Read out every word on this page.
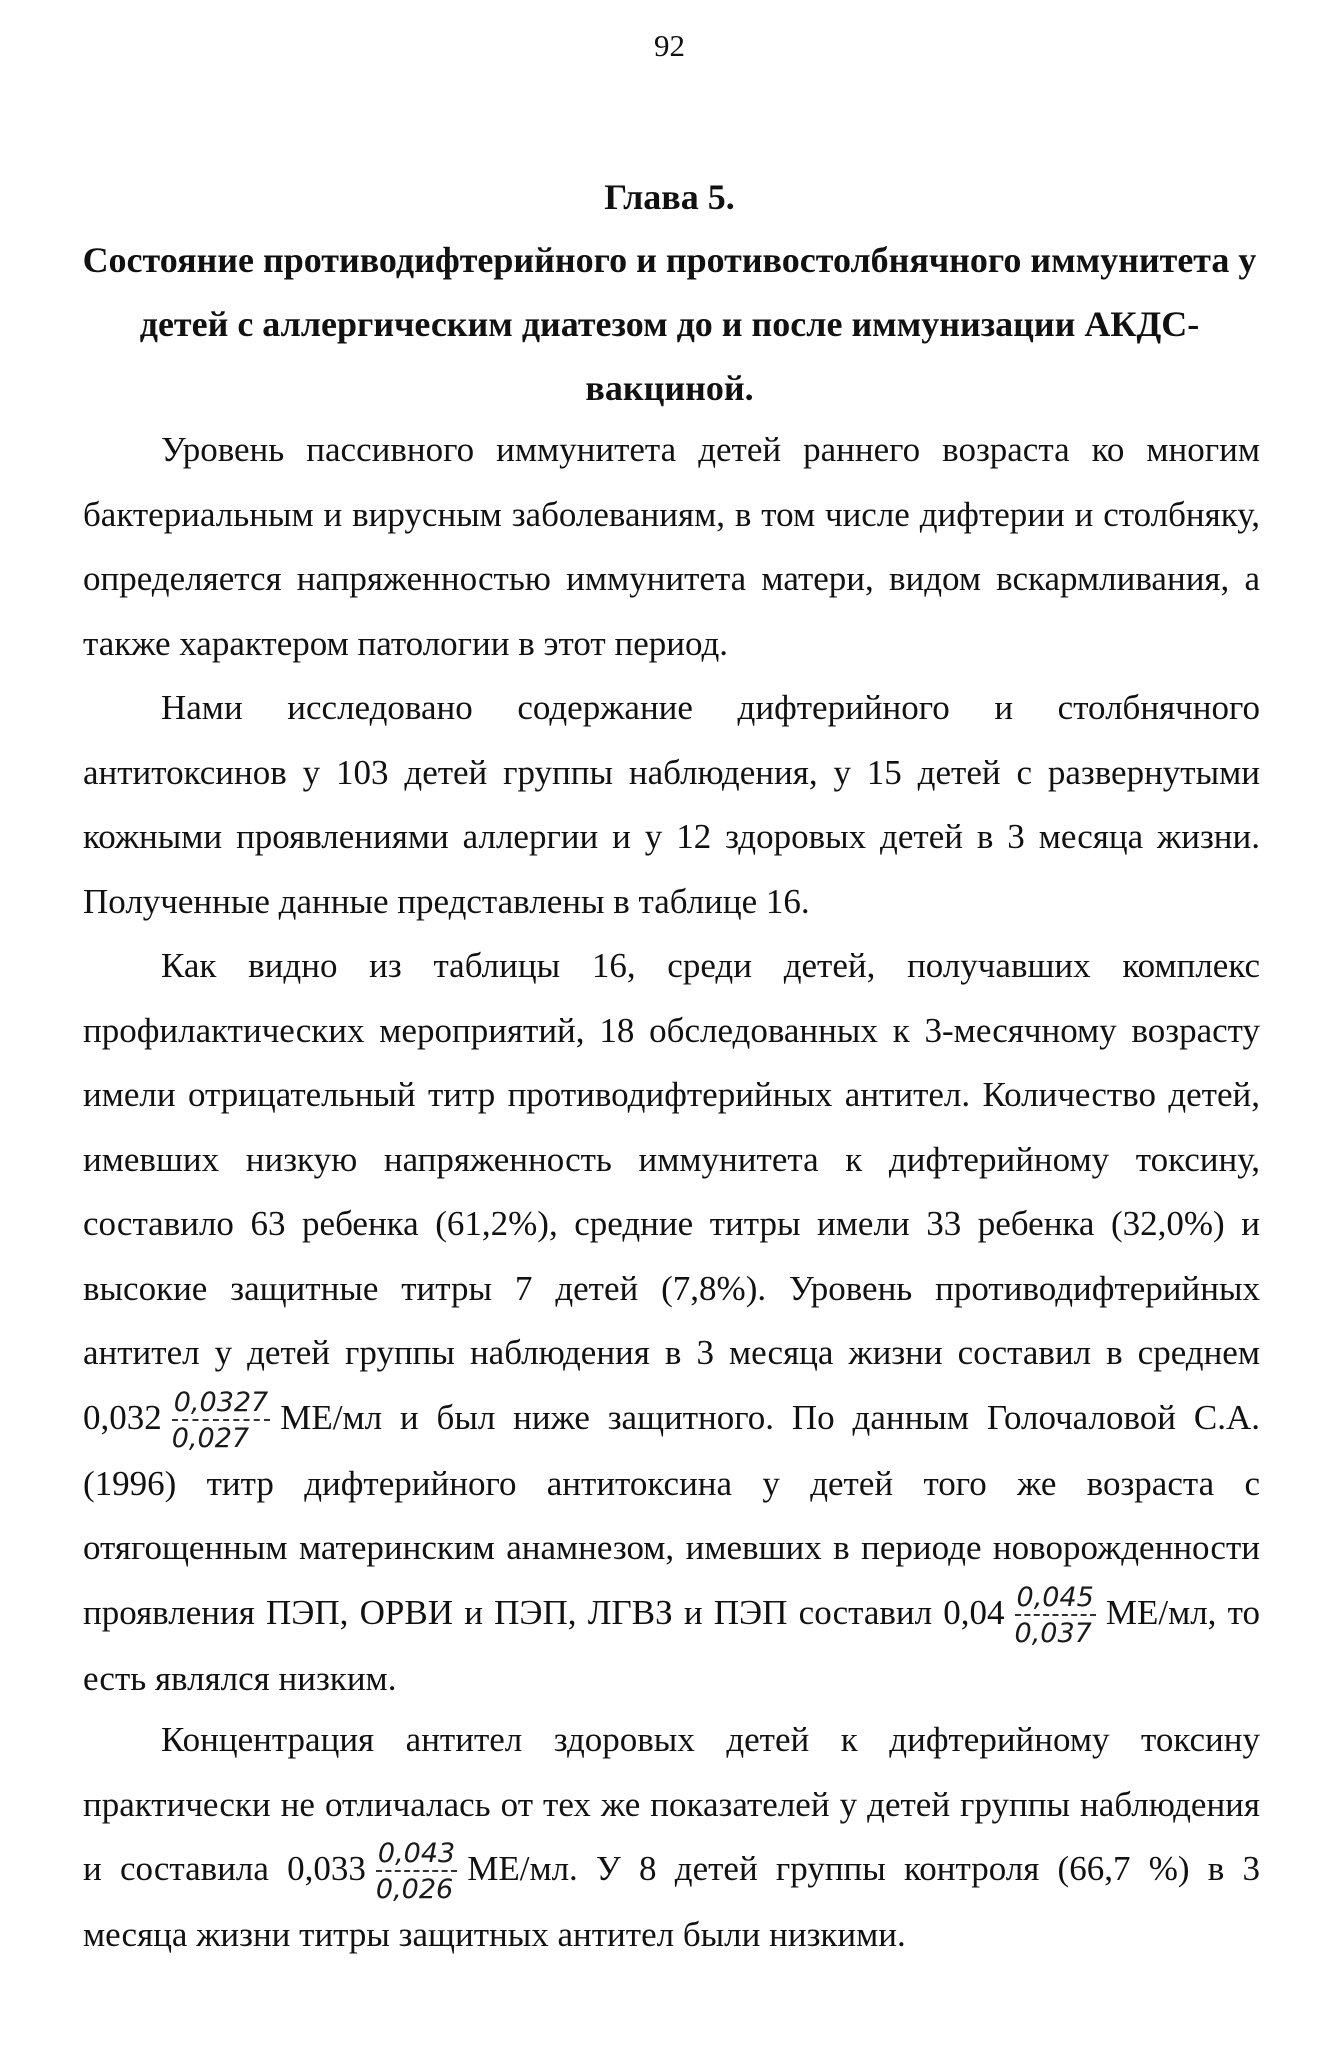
92
Глава 5.
Состояние противодифтерийного и противостолбнячного иммунитета у детей с аллергическим диатезом до и после иммунизации АКДС-вакциной.

Уровень пассивного иммунитета детей раннего возраста ко многим бактериальным и вирусным заболеваниям, в том числе дифтерии и столбняку, определяется напряженностью иммунитета матери, видом вскармливания, а также характером патологии в этот период.

Нами исследовано содержание дифтерийного и столбнячного антитоксинов у 103 детей группы наблюдения, у 15 детей с развернутыми кожными проявлениями аллергии и у 12 здоровых детей в 3 месяца жизни. Полученные данные представлены в таблице 16.

Как видно из таблицы 16, среди детей, получавших комплекс профилактических мероприятий, 18 обследованных к 3-месячному возрасту имели отрицательный титр противодифтерийных антител. Количество детей, имевших низкую напряженность иммунитета к дифтерийному токсину, составило 63 ребенка (61,2%), средние титры имели 33 ребенка (32,0%) и высокие защитные титры 7 детей (7,8%). Уровень противодифтерийных антител у детей группы наблюдения в 3 месяца жизни составил в среднем $0,032 \frac{0,0327}{0,027} МЕ/мл$ и был ниже защитного. По данным Голочаловой С.А. (1996) титр дифтерийного антитоксина у детей того же возраста с отягощенным материнским анамнезом, имевших в периоде новорожденности проявления ПЭП, ОРВИ и ПЭП, ЛГВЗ и ПЭП составил $0,04 \frac{0,045}{0,037} МЕ/мл$, то есть являлся низким.

Концентрация антител здоровых детей к дифтерийному токсину практически не отличалась от тех же показателей у детей группы наблюдения и составила $0,033 \frac{0,043}{0,026} МЕ/мл$. У 8 детей группы контроля (66,7 %) в 3 месяца жизни титры защитных антител были низкими.
